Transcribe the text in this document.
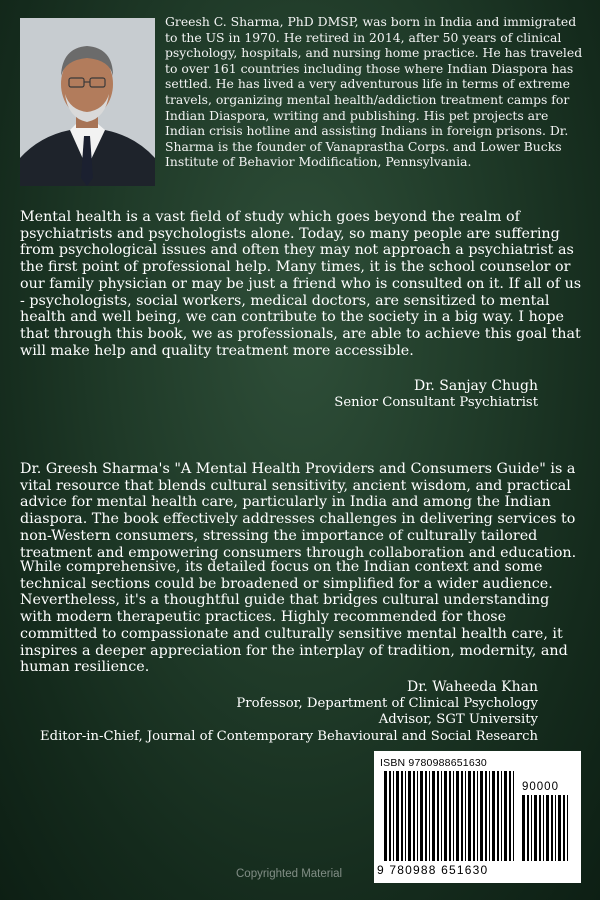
Greesh C. Sharma, PhD DMSP, was born in India and immigrated to the US in 1970. He retired in 2014, after 50 years of clinical psychology, hospitals, and nursing home practice. He has traveled to over 161 countries including those where Indian Diaspora has settled. He has lived a very adventurous life in terms of extreme travels, organizing mental health/addiction treatment camps for Indian Diaspora, writing and publishing. His pet projects are Indian crisis hotline and assisting Indians in foreign prisons. Dr. Sharma is the founder of Vanaprastha Corps. and Lower Bucks Institute of Behavior Modification, Pennsylvania.
Mental health is a vast field of study which goes beyond the realm of psychiatrists and psychologists alone. Today, so many people are suffering from psychological issues and often they may not approach a psychiatrist as the first point of professional help. Many times, it is the school counselor or our family physician or may be just a friend who is consulted on it. If all of us - psychologists, social workers, medical doctors, are sensitized to mental health and well being, we can contribute to the society in a big way. I hope that through this book, we as professionals, are able to achieve this goal that will make help and quality treatment more accessible.
Dr. Sanjay Chugh
Senior Consultant Psychiatrist
Dr. Greesh Sharma's "A Mental Health Providers and Consumers Guide" is a vital resource that blends cultural sensitivity, ancient wisdom, and practical advice for mental health care, particularly in India and among the Indian diaspora. The book effectively addresses challenges in delivering services to non-Western consumers, stressing the importance of culturally tailored treatment and empowering consumers through collaboration and education.
While comprehensive, its detailed focus on the Indian context and some technical sections could be broadened or simplified for a wider audience. Nevertheless, it's a thoughtful guide that bridges cultural understanding with modern therapeutic practices. Highly recommended for those committed to compassionate and culturally sensitive mental health care, it inspires a deeper appreciation for the interplay of tradition, modernity, and human resilience.
Dr. Waheeda Khan
Professor, Department of Clinical Psychology
Advisor, SGT University
Editor-in-Chief, Journal of Contemporary Behavioural and Social Research
ISBN 9780988651630
90000
9 780988 651630
Copyrighted Material
